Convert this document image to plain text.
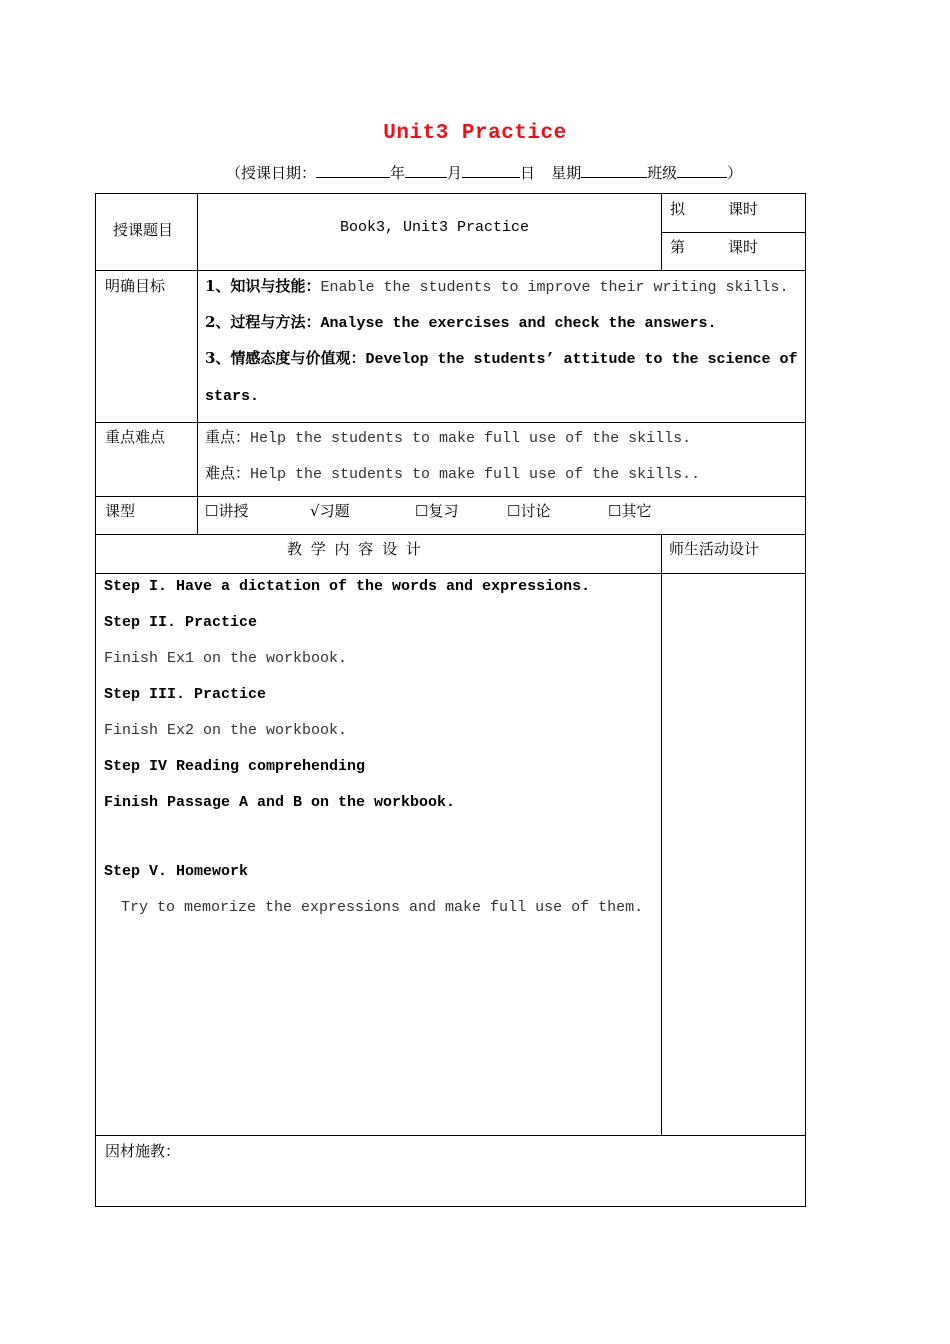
Unit3 Practice
（授课日期：	年	月	日 星期	班级	）
授课题目	Book3, Unit3 Practice
拟	课时
第	课时
明确目标	1、知识与技能：Enable the students to improve their writing skills.
2、过程与方法：Analyse the exercises and check the answers.
3、情感态度与价值观：Develop the students’ attitude to the science of
stars.
重点难点	重点：Help the students to make full use of the skills.
难点：Help the students to make full use of the skills..
课型	☐讲授	√习题	☐复习	☐讨论	☐其它
教 学 内 容 设 计	师生活动设计
Step I. Have a dictation of the words and expressions.
Step II. Practice
Finish Ex1 on the workbook.
Step III. Practice
Finish Ex2 on the workbook.
Step IV Reading comprehending
Finish Passage A and B on the workbook.
Step V. Homework
Try to memorize the expressions and make full use of them.
因材施教：
